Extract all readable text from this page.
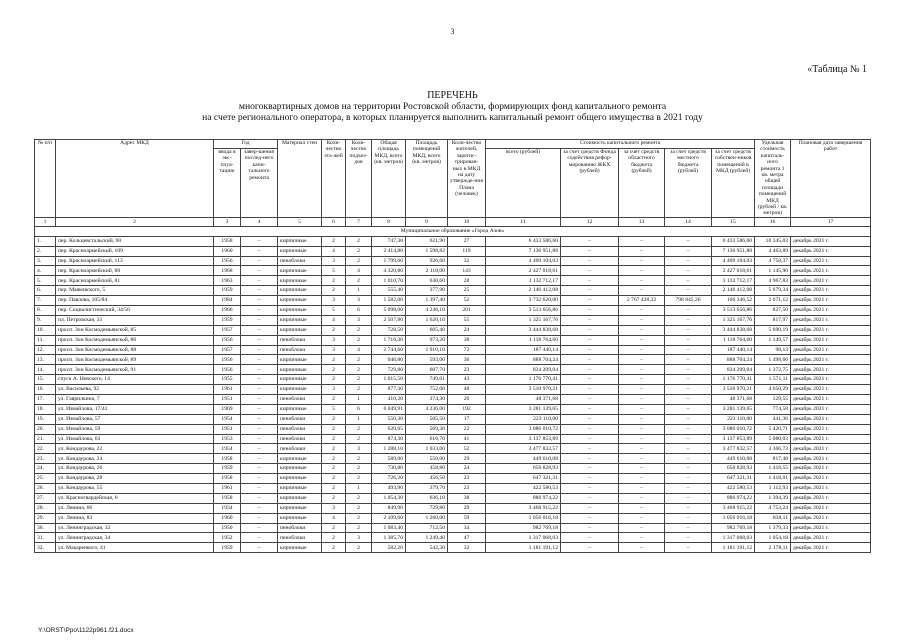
3
«Таблица № 1
ПЕРЕЧЕНЬ
многоквартирных домов на территории Ростовской области, формирующих фонд капитального ремонта
на счете регионального оператора, в которых планируется выполнить капитальный ремонт общего имущества в 2021 году
№ п/п	Адрес МКД	Год		Материал стен	Коли-чество эта-жей	Коли-чество подъез-дов	Общая площадь МКД, всего (кв. метров)	Площадь помещений МКД, всего (кв. метров)	Коли-чество жителей, зарегис-трирован-ных в МКД на дату утвержде-ния Плана (человек)	Стоимость капитального ремонта					Удельная стоимость капиталь-ного ремонта 1 кв. метра общей площади помещений МКД (рублей / кв. метров)	Плановая дата завершения работ
		ввода в экс-плуа-тацию	завер-шения послед-него капи-тального ремонта							всего (рублей)	за счет средств Фонда содействия рефор-мированию ЖКХ (рублей)	за счет средств областного бюджета (рублей)	за счет средств местного бюджета (рублей)	за счет средств собствен-ников помещений в МКД (рублей)		
1	2	3	4	5	6	7	8	9	10	11	12	13	14	15	16	17
Муниципальное образование «Город Азов»																
1.	пер. Кольцевстальский, 90	1958	–	кирпичные	2	2	747,30	621,90	27	6 433 586,60	–	–	–	6 433 586,60	10 345,03	декабрь 2021 г.
2.	пер. Красноармейский, 109	1960	–	кирпичные	4	2	2 414,80	1 598,82	119	7 136 951,88	–	–	–	7 136 951,88	4 463,89	декабрь 2021 г.
3.	пер. Красноармейский, 113	1956	–	пеноблоки	3	2	1 799,60	926,60	32	4 409 104,03	–	–	–	4 409 104,03	4 758,37	декабрь 2021 г.
4.	пер. Красноармейский, 80	1968	–	кирпичные	5	4	4 320,80	2 118,00	143	2 427 018,61	–	–	–	2 427 018,61	1 145,90	декабрь 2021 г.
5.	пер. Красноармейский, 81	1963	–	кирпичные	2	2	1 010,70	630,60	28	3 132 712,17	–	–	–	3 132 712,17	4 967,83	декабрь 2021 г.
6.	пер. Маяковского, 5	1959	–	кирпичные	2	1	555,40	377,90	25	2 146 412,08	–	–	–	2 146 412,08	5 679,34	декабрь 2021 г.
7.	пер. Павлова, 105/84	1984	–	кирпичные	3	3	1 582,00	1 397,40	52	3 732 620,00	–	2 767 428,22	798 845,26	166 346,52	2 671,12	декабрь 2021 г.
8.	пер. Социалистический, 34/56	1966	–	кирпичные	5	6	5 098,00	4 246,10	201	3 513 656,86	–	–	–	3 513 656,86	827,50	декабрь 2021 г.
9.	пл. Петровская, 31	1959	–	кирпичные	4	3	2 507,80	1 620,10	55	1 325 167,76	–	–	–	1 325 167,76	817,97	декабрь 2021 г.
10.	просп. Зои Космодемьянской, 85	1957	–	кирпичные	2	2	728,50	605,40	24	3 444 838,68	–	–	–	3 444 838,68	5 690,19	декабрь 2021 г.
11.	просп. Зои Космодемьянской, 86	1956	–	пеноблоки	3	2	1 716,30	973,20	38	1 118 764,60	–	–	–	1 118 764,60	1 149,57	декабрь 2021 г.
12.	просп. Зои Космодемьянской, 88	1957	–	пеноблоки	3	4	2 744,60	1 910,10	72	187 440,14	–	–	–	187 440,14	98,13	декабрь 2021 г.
13.	просп. Зои Космодемьянской, 89	1956	–	кирпичные	2	2	946,80	593,00	36	888 704,24	–	–	–	888 704,24	1 498,66	декабрь 2021 г.
14.	просп. Зои Космодемьянской, 91	1956	–	кирпичные	2	2	729,80	607,70	23	834 209,04	–	–	–	834 209,04	1 372,75	декабрь 2021 г.
15.	спуск А. Невского, 14	1955	–	кирпичные	2	2	1 015,50	749,01	43	1 176 770,41	–	–	–	1 176 770,41	1 571,11	декабрь 2021 г.
16.	ул. Васильева, 92	1961	–	кирпичные	3	2	877,30	752,00	48	3 510 970,21	–	–	–	3 510 970,21	4 650,29	декабрь 2021 г.
17.	ул. Гаврилкина, 7	1951	–	пеноблоки	2	1	410,20	374,30	26	48 371,68	–	–	–	48 371,68	129,55	декабрь 2021 г.
18.	ул. Измайлова, 17/41	1969	–	кирпичные	5	6	6 049,91	4 236,00	192	3 281 139,65	–	–	–	3 281 139,65	774,58	декабрь 2021 г.
19.	ул. Измайлова, 57	1954	–	пеноблоки	2	1	550,30	505,50	17	223 110,00	–	–	–	223 110,00	441,36	декабрь 2021 г.
20.	ул. Измайлова, 59	1951	–	пеноблоки	2	2	620,65	569,30	22	3 086 010,72	–	–	–	3 086 010,72	5 420,71	декабрь 2021 г.
21.	ул. Измайлова, 63	1953	–	пеноблоки	2	2	874,30	616,70	41	3 137 853,89	–	–	–	3 137 853,89	5 080,03	декабрь 2021 г.
22.	ул. Кондаурова, 22	1954	–	пеноблоки	2	3	1 288,10	1 033,00	52	3 477 832,57	–	–	–	3 477 832,57	3 366,73	декабрь 2021 г.
23.	ул. Кондаурова, 24	1958	–	кирпичные	2	2	589,00	550,00	29	449 610,08	–	–	–	449 610,08	817,48	декабрь 2021 г.
24.	ул. Кондаурова, 26	1959	–	кирпичные	2	2	730,80	458,80	24	650 828,93	–	–	–	650 828,93	1 418,55	декабрь 2021 г.
25.	ул. Кондаурова, 28	1958	–	кирпичные	2	2	726,20	456,50	23	647 321,31	–	–	–	647 321,31	1 418,01	декабрь 2021 г.
26.	ул. Кондаурова, 55	1961	–	кирпичные	2	1	493,90	379,70	23	422 580,53	–	–	–	422 580,53	1 112,93	декабрь 2021 г.
27.	ул. Красногвардейская, 6	1958	–	кирпичные	2	2	1 054,30	636,10	38	886 974,22	–	–	–	886 974,22	1 394,39	декабрь 2021 г.
28.	ул. Ленина, 66	1934	–	кирпичные	3	2	849,90	729,80	29	3 468 915,22	–	–	–	3 468 915,22	4 753,24	декабрь 2021 г.
29.	ул. Ленина, 83	1960	–	кирпичные	4	2	2 109,60	1 260,00	59	1 056 016,18	–	–	–	1 056 016,18	838,11	декабрь 2021 г.
30.	ул. Ленинградская, 32	1950	–	пеноблоки	2	2	1 083,40	712,50	34	982 769,18	–	–	–	982 769,18	1 379,33	декабрь 2021 г.
31.	ул. Ленинградская, 34	1952	–	пеноблоки	2	3	1 385,70	1 249,40	47	1 317 068,03	–	–	–	1 317 068,03	1 054,18	декабрь 2021 г.
32.	ул. Макаренкого, 41	1959	–	кирпичные	2	2	582,20	542,30	32	1 181 191,12	–	–	–	1 181 191,12	2 178,11	декабрь 2021 г.
Y:\ORST\Ppo\1122p961.f21.docx
